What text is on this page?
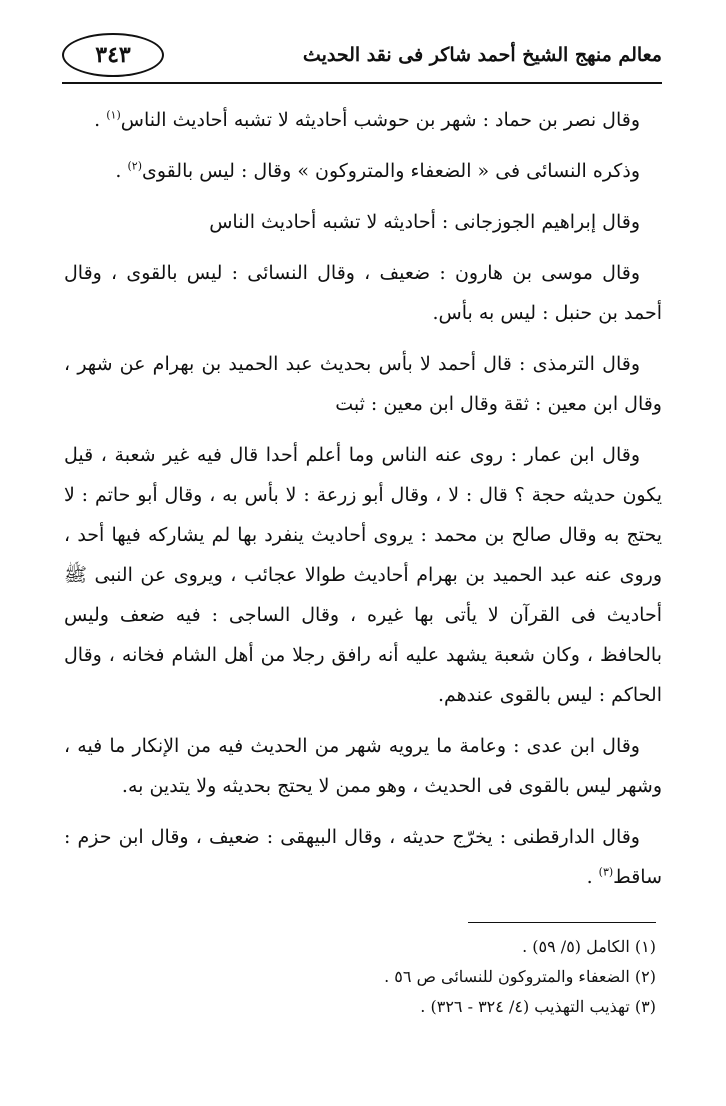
معالم منهج الشيخ أحمد شاكر فى نقد الحديث
٣٤٣

وقال نصر بن حماد : شهر بن حوشب أحاديثه لا تشبه أحاديث الناس$^{(١)}$ .

وذكره النسائى فى « الضعفاء والمتروكون » وقال : ليس بالقوى$^{(٢)}$ .

وقال إبراهيم الجوزجانى : أحاديثه لا تشبه أحاديث الناس

وقال موسى بن هارون : ضعيف ، وقال النسائى : ليس بالقوى ، وقال أحمد بن حنبل : ليس به بأس.

وقال الترمذى : قال أحمد لا بأس بحديث عبد الحميد بن بهرام عن شهر ، وقال ابن معين : ثقة وقال ابن معين : ثبت

وقال ابن عمار : روى عنه الناس وما أعلم أحدا قال فيه غير شعبة ، قيل يكون حديثه حجة ؟ قال : لا ، وقال أبو زرعة : لا بأس به ، وقال أبو حاتم : لا يحتج به وقال صالح بن محمد : يروى أحاديث ينفرد بها لم يشاركه فيها أحد ، وروى عنه عبد الحميد بن بهرام أحاديث طوالا عجائب ، ويروى عن النبى ﷺ أحاديث فى القرآن لا يأتى بها غيره ، وقال الساجى : فيه ضعف وليس بالحافظ ، وكان شعبة يشهد عليه أنه رافق رجلا من أهل الشام فخانه ، وقال الحاكم : ليس بالقوى عندهم.

وقال ابن عدى : وعامة ما يرويه شهر من الحديث فيه من الإنكار ما فيه ، وشهر ليس بالقوى فى الحديث ، وهو ممن لا يحتج بحديثه ولا يتدين به.

وقال الدارقطنى : يخرّج حديثه ، وقال البيهقى : ضعيف ، وقال ابن حزم : ساقط$^{(٣)}$ .

(١) الكامل (٥/ ٥٩) .

(٢) الضعفاء والمتروكون للنسائى ص ٥٦ .

(٣) تهذيب التهذيب (٤/ ٣٢٤ - ٣٢٦) .
